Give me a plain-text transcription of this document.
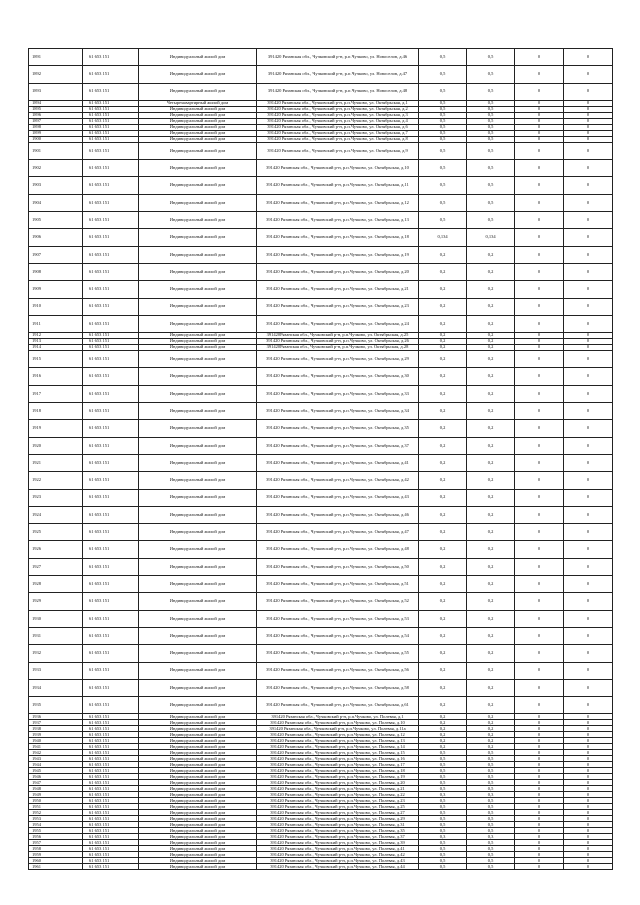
1891	61 653 151	Индивидуальный жилой дом	391420 Рязанская обл., Чучковский р-н, р.п.Чучково, ул. Новоселов, д.46	0,5	0,5	0	0
1892	61 653 151	Индивидуальный жилой дом	391420 Рязанская обл., Чучковский р-н, р.п.Чучково, ул. Новоселов, д.47	0,5	0,5	0	0
1893	61 653 151	Индивидуальный жилой дом	391420 Рязанская обл., Чучковский р-н, р.п.Чучково, ул. Новоселов, д.48	0,5	0,5	0	0
1894	61 653 151	Четырехквартирный жилой дом	391420 Рязанская обл., Чучковский р-н, р.п.Чучково, ул. Октябрьская, д.1	0,5	0,5	0	0
1895	61 653 151	Индивидуальный жилой дом	391420 Рязанская обл., Чучковский р-н, р.п.Чучково, ул. Октябрьская, д.2	0,5	0,5	0	0
1896	61 653 151	Индивидуальный жилой дом	391420 Рязанская обл., Чучковский р-н, р.п.Чучково, ул. Октябрьская, д.3	0,5	0,5	0	0
1897	61 653 151	Индивидуальный жилой дом	391420 Рязанская обл., Чучковский р-н, р.п.Чучково, ул. Октябрьская, д.4	0,5	0,5	0	0
1898	61 653 151	Индивидуальный жилой дом	391420 Рязанская обл., Чучковский р-н, р.п.Чучково, ул. Октябрьская, д.6	0,5	0,5	0	0
1899	61 653 151	Индивидуальный жилой дом	391420 Рязанская обл., Чучковский р-н, р.п.Чучково, ул. Октябрьская, д.7	0,5	0,5	0	0
1900	61 653 151	Индивидуальный жилой дом	391420 Рязанская обл., Чучковский р-н, р.п.Чучково, ул. Октябрьская, д.8	0,5	0,5	0	0
1901	61 653 151	Индивидуальный жилой дом	391420 Рязанская обл., Чучковский р-н, р.п.Чучково, ул. Октябрьская, д.9	0,5	0,5	0	0
1902	61 653 151	Индивидуальный жилой дом	391420 Рязанская обл., Чучковский р-н, р.п.Чучково, ул. Октябрьская, д.10	0,5	0,5	0	0
1903	61 653 151	Индивидуальный жилой дом	391420 Рязанская обл., Чучковский р-н, р.п.Чучково, ул. Октябрьская, д.11	0,5	0,5	0	0
1904	61 653 151	Индивидуальный жилой дом	391420 Рязанская обл., Чучковский р-н, р.п.Чучково, ул. Октябрьская, д.12	0,5	0,5	0	0
1905	61 653 151	Индивидуальный жилой дом	391420 Рязанская обл., Чучковский р-н, р.п.Чучково, ул. Октябрьская, д.13	0,5	0,5	0	0
1906	61 653 151	Индивидуальный жилой дом	391420 Рязанская обл., Чучковский р-н, р.п.Чучково, ул. Октябрьская, д.18	0,134	0,134	0	0
1907	61 653 151	Индивидуальный жилой дом	391420 Рязанская обл., Чучковский р-н, р.п.Чучково, ул. Октябрьская, д.19	0,2	0,2	0	0
1908	61 653 151	Индивидуальный жилой дом	391420 Рязанская обл., Чучковский р-н, р.п.Чучково, ул. Октябрьская, д.20	0,2	0,2	0	0
1909	61 653 151	Индивидуальный жилой дом	391420 Рязанская обл., Чучковский р-н, р.п.Чучково, ул. Октябрьская, д.21	0,2	0,2	0	0
1910	61 653 151	Индивидуальный жилой дом	391420 Рязанская обл., Чучковский р-н, р.п.Чучково, ул. Октябрьская, д.23	0,2	0,2	0	0
1911	61 653 151	Индивидуальный жилой дом	391420 Рязанская обл., Чучковский р-н, р.п.Чучково, ул. Октябрьская, д.24	0,2	0,2	0	0
1912	61 653 151	Индивидуальный жилой дом	391420Рязанская обл., Чучковский р-н, р.п.Чучково, ул. Октябрьская, д.25	0,2	0,2	0	0
1913	61 653 151	Индивидуальный жилой дом	391420 Рязанская обл., Чучковский р-н, р.п.Чучково, ул. Октябрьская, д.26	0,2	0,2	0	0
1914	61 653 151	Индивидуальный жилой дом	391420Рязанская обл., Чучковский р-н, р.п.Чучково, ул. Октябрьская, д.28	0,2	0,2	0	0
1915	61 653 151	Индивидуальный жилой дом	391420 Рязанская обл., Чучковский р-н, р.п.Чучково, ул. Октябрьская, д.29	0,2	0,2	0	0
1916	61 653 151	Индивидуальный жилой дом	391420 Рязанская обл., Чучковский р-н, р.п.Чучково, ул. Октябрьская, д.30	0,2	0,2	0	0
1917	61 653 151	Индивидуальный жилой дом	391420 Рязанская обл., Чучковский р-н, р.п.Чучково, ул. Октябрьская, д.33	0,2	0,2	0	0
1918	61 653 151	Индивидуальный жилой дом	391420 Рязанская обл., Чучковский р-н, р.п.Чучково, ул. Октябрьская, д.34	0,2	0,2	0	0
1919	61 653 151	Индивидуальный жилой дом	391420 Рязанская обл., Чучковский р-н, р.п.Чучково, ул. Октябрьская, д.35	0,2	0,2	0	0
1920	61 653 151	Индивидуальный жилой дом	391420 Рязанская обл., Чучковский р-н, р.п.Чучково, ул. Октябрьская, д.37	0,2	0,2	0	0
1921	61 653 151	Индивидуальный жилой дом	391420 Рязанская обл., Чучковский р-н, р.п.Чучково, ул. Октябрьская, д.41	0,2	0,2	0	0
1922	61 653 151	Индивидуальный жилой дом	391420 Рязанская обл., Чучковский р-н, р.п.Чучково, ул. Октябрьская, д.42	0,2	0,2	0	0
1923	61 653 151	Индивидуальный жилой дом	391420 Рязанская обл., Чучковский р-н, р.п.Чучково, ул. Октябрьская, д.43	0,2	0,2	0	0
1924	61 653 151	Индивидуальный жилой дом	391420 Рязанская обл., Чучковский р-н, р.п.Чучково, ул. Октябрьская, д.46	0,2	0,2	0	0
1925	61 653 151	Индивидуальный жилой дом	391420 Рязанская обл., Чучковский р-н, р.п.Чучково, ул. Октябрьская, д.47	0,2	0,2	0	0
1926	61 653 151	Индивидуальный жилой дом	391420 Рязанская обл., Чучковский р-н, р.п.Чучково, ул. Октябрьская, д.48	0,2	0,2	0	0
1927	61 653 151	Индивидуальный жилой дом	391420 Рязанская обл., Чучковский р-н, р.п.Чучково, ул. Октябрьская, д.50	0,2	0,2	0	0
1928	61 653 151	Индивидуальный жилой дом	391420 Рязанская обл., Чучковский р-н, р.п.Чучково, ул. Октябрьская, д.51	0,2	0,2	0	0
1929	61 653 151	Индивидуальный жилой дом	391420 Рязанская обл., Чучковский р-н, р.п.Чучково, ул. Октябрьская, д.52	0,2	0,2	0	0
1930	61 653 151	Индивидуальный жилой дом	391420 Рязанская обл., Чучковский р-н, р.п.Чучково, ул. Октябрьская, д.53	0,2	0,2	0	0
1931	61 653 151	Индивидуальный жилой дом	391420 Рязанская обл., Чучковский р-н, р.п.Чучково, ул. Октябрьская, д.54	0,2	0,2	0	0
1932	61 653 151	Индивидуальный жилой дом	391420 Рязанская обл., Чучковский р-н, р.п.Чучково, ул. Октябрьская, д.55	0,2	0,2	0	0
1933	61 653 151	Индивидуальный жилой дом	391420 Рязанская обл., Чучковский р-н, р.п.Чучково, ул. Октябрьская, д.56	0,2	0,2	0	0
1934	61 653 151	Индивидуальный жилой дом	391420 Рязанская обл., Чучковский р-н, р.п.Чучково, ул. Октябрьская, д.58	0,2	0,2	0	0
1935	61 653 151	Индивидуальный жилой дом	391420 Рязанская обл., Чучковский р-н, р.п.Чучково, ул. Октябрьская, д.61	0,2	0,2	0	0
1936	61 653 151	Индивидуальный жилой дом	391420 Рязанская обл., Чучковский р-н, р.п.Чучково, ул. Полевая, д.1	0,2	0,2	0	0
1937	61 653 151	Индивидуальный жилой дом	391420 Рязанская обл., Чучковский р-н, р.п.Чучково, ул. Полевая, д.10	0,2	0,2	0	0
1938	61 653 151	Индивидуальный жилой дом	391420 Рязанская обл., Чучковский р-н, р.п.Чучково, ул. Полевая, д.11а	0,2	0,2	0	0
1939	61 653 151	Индивидуальный жилой дом	391420 Рязанская обл., Чучковский р-н, р.п.Чучково, ул. Полевая, д.12	0,2	0,2	0	0
1940	61 653 151	Индивидуальный жилой дом	391420 Рязанская обл., Чучковский р-н, р.п.Чучково, ул. Полевая, д.13	0,2	0,2	0	0
1941	61 653 151	Индивидуальный жилой дом	391420 Рязанская обл., Чучковский р-н, р.п.Чучково, ул. Полевая, д.14	0,2	0,2	0	0
1942	61 653 151	Индивидуальный жилой дом	391420 Рязанская обл., Чучковский р-н, р.п.Чучково, ул. Полевая, д.15	0,5	0,5	0	0
1943	61 653 151	Индивидуальный жилой дом	391420 Рязанская обл., Чучковский р-н, р.п.Чучково, ул. Полевая, д.16	0,5	0,5	0	0
1944	61 653 151	Индивидуальный жилой дом	391420 Рязанская обл., Чучковский р-н, р.п.Чучково, ул. Полевая, д.17	0,5	0,5	0	0
1945	61 653 151	Индивидуальный жилой дом	391420 Рязанская обл., Чучковский р-н, р.п.Чучково, ул. Полевая, д.18	0,5	0,5	0	0
1946	61 653 151	Индивидуальный жилой дом	391420 Рязанская обл., Чучковский р-н, р.п.Чучково, ул. Полевая, д.19	0,5	0,5	0	0
1947	61 653 151	Индивидуальный жилой дом	391420 Рязанская обл., Чучковский р-н, р.п.Чучково, ул. Полевая, д.20	0,5	0,5	0	0
1948	61 653 151	Индивидуальный жилой дом	391420 Рязанская обл., Чучковский р-н, р.п.Чучково, ул. Полевая, д.21	0,5	0,5	0	0
1949	61 653 151	Индивидуальный жилой дом	391420 Рязанская обл., Чучковский р-н, р.п.Чучково, ул. Полевая, д.22	0,3	0,3	0	0
1950	61 653 151	Индивидуальный жилой дом	391420 Рязанская обл., Чучковский р-н, р.п.Чучково, ул. Полевая, д.23	0,5	0,5	0	0
1951	61 653 151	Индивидуальный жилой дом	391420 Рязанская обл., Чучковский р-н, р.п.Чучково, ул. Полевая, д.25	0,5	0,5	0	0
1952	61 653 151	Индивидуальный жилой дом	391420 Рязанская обл., Чучковский р-н, р.п.Чучково, ул. Полевая, д.27	0,5	0,5	0	0
1953	61 653 151	Индивидуальный жилой дом	391420 Рязанская обл., Чучковский р-н, р.п.Чучково, ул. Полевая, д.29	0,5	0,5	0	0
1954	61 653 151	Индивидуальный жилой дом	391420 Рязанская обл., Чучковский р-н, р.п.Чучково, ул. Полевая, д.31	0,5	0,5	0	0
1955	61 653 151	Индивидуальный жилой дом	391420 Рязанская обл., Чучковский р-н, р.п.Чучково, ул. Полевая, д.35	0,5	0,5	0	0
1956	61 653 151	Индивидуальный жилой дом	391420 Рязанская обл., Чучковский р-н, р.п.Чучково, ул. Полевая, д.37	0,3	0,3	0	0
1957	61 653 151	Индивидуальный жилой дом	391420 Рязанская обл., Чучковский р-н, р.п.Чучково, ул. Полевая, д.39	0,5	0,5	0	0
1958	61 653 151	Индивидуальный жилой дом	391420 Рязанская обл., Чучковский р-н, р.п.Чучково, ул. Полевая, д.41	0,5	0,5	0	0
1959	61 653 151	Индивидуальный жилой дом	391420 Рязанская обл., Чучковский р-н, р.п.Чучково, ул. Полевая, д.42	0,5	0,5	0	0
1960	61 653 151	Индивидуальный жилой дом	391420 Рязанская обл., Чучковский р-н, р.п.Чучково, ул. Полевая, д.43	0,5	0,5	0	0
1961	61 653 151	Индивидуальный жилой дом	391420 Рязанская обл., Чучковский р-н, р.п.Чучково, ул. Полевая, д.44	0,5	0,5	0	0
